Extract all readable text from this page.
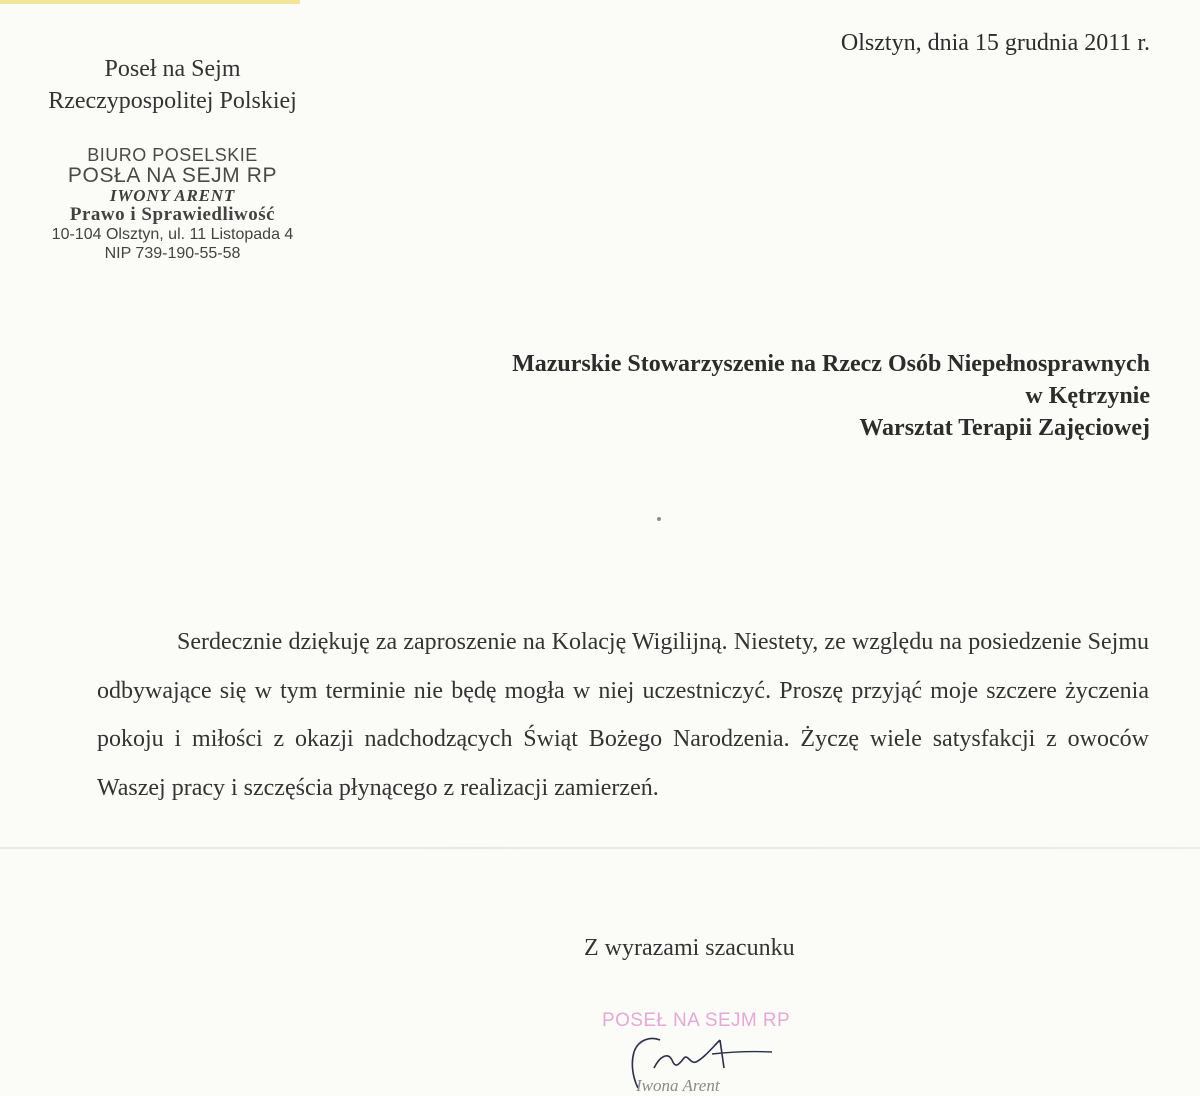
Olsztyn, dnia 15 grudnia 2011 r.
Poseł na Sejm
Rzeczypospolitej Polskiej
BIURO POSELSKIE
POSŁA NA SEJM RP
IWONY ARENT
Prawo i Sprawiedliwość
10-104 Olsztyn, ul. 11 Listopada 4
NIP 739-190-55-58
Mazurskie Stowarzyszenie na Rzecz Osób Niepełnosprawnych
w Kętrzynie
Warsztat Terapii Zajęciowej

Serdecznie dziękuję za zaproszenie na Kolację Wigilijną. Niestety, ze względu na posiedzenie Sejmu odbywające się w tym terminie nie będę mogła w niej uczestniczyć. Proszę przyjąć moje szczere życzenia pokoju i miłości z okazji nadchodzących Świąt Bożego Narodzenia. Życzę wiele satysfakcji z owoców Waszej pracy i szczęścia płynącego z realizacji zamierzeń.

Z wyrazami szacunku
POSEŁ NA SEJM RP
Iwona Arent
